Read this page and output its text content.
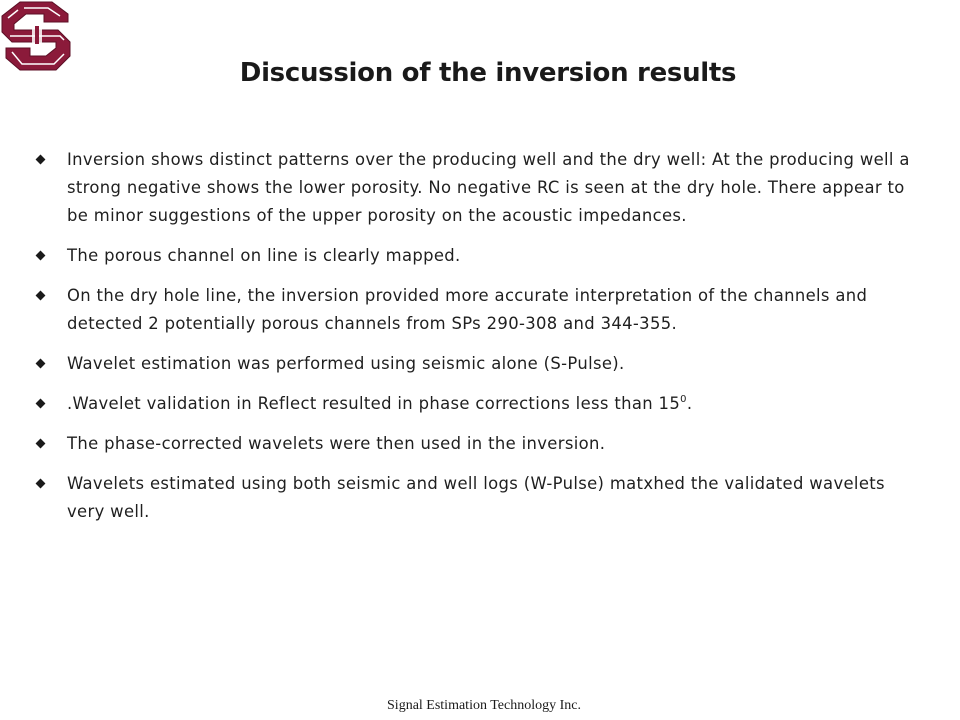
Discussion of the inversion results
Inversion shows distinct patterns over the producing well and the dry well: At the producing well a strong negative shows the lower porosity. No negative RC is seen at the dry hole. There appear to be minor suggestions of the upper porosity on the acoustic impedances.
The porous channel on line is clearly mapped.
On the dry hole line, the inversion provided more accurate interpretation of the channels and detected 2 potentially porous channels from SPs 290-308 and 344-355.
Wavelet estimation was performed using seismic alone (S-Pulse).
.Wavelet validation in Reflect resulted in phase corrections less than $15^0$.
The phase-corrected wavelets were then used in the inversion.
Wavelets estimated using both seismic and well logs (W-Pulse) matxhed the validated wavelets very well.
Signal Estimation Technology Inc.
